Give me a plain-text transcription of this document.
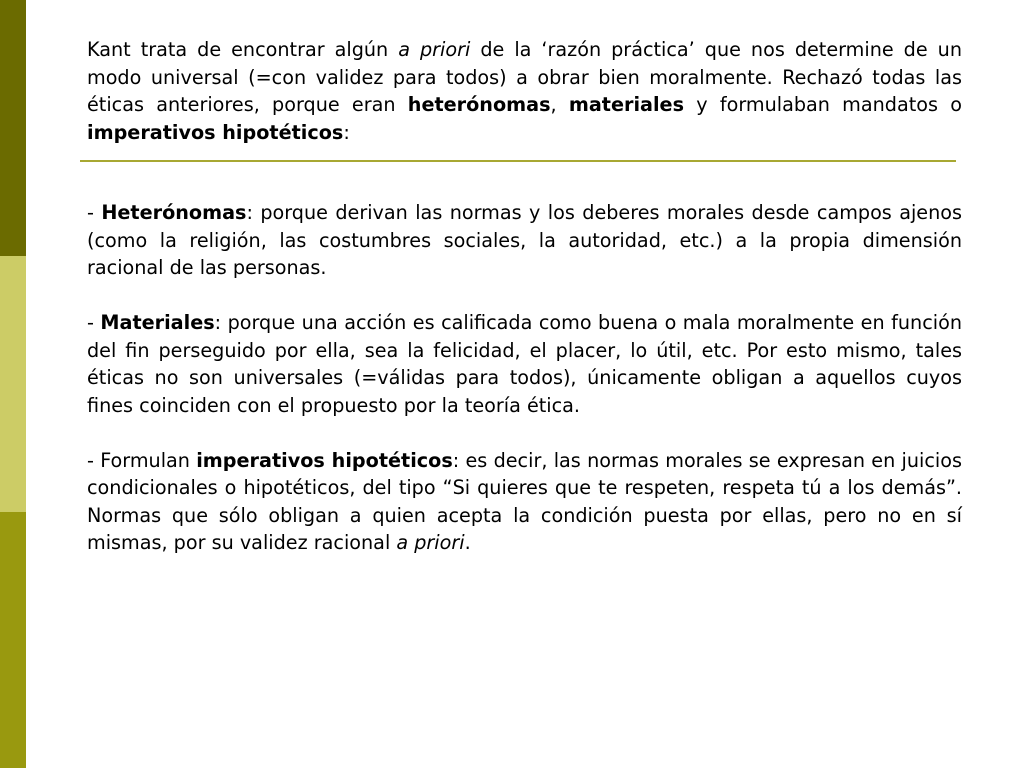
Kant trata de encontrar algún a priori de la ‘razón práctica’ que nos determine de un modo universal (=con validez para todos) a obrar bien moralmente. Rechazó todas las éticas anteriores, porque eran heterónomas, materiales y formulaban mandatos o imperativos hipotéticos:

- Heterónomas: porque derivan las normas y los deberes morales desde campos ajenos (como la religión, las costumbres sociales, la autoridad, etc.) a la propia dimensión racional de las personas.

- Materiales: porque una acción es calificada como buena o mala moralmente en función del fin perseguido por ella, sea la felicidad, el placer, lo útil, etc. Por esto mismo, tales éticas no son universales (=válidas para todos), únicamente obligan a aquellos cuyos fines coinciden con el propuesto por la teoría ética.

- Formulan imperativos hipotéticos: es decir, las normas morales se expresan en juicios condicionales o hipotéticos, del tipo “Si quieres que te respeten, respeta tú a los demás”. Normas que sólo obligan a quien acepta la condición puesta por ellas, pero no en sí mismas, por su validez racional a priori.
